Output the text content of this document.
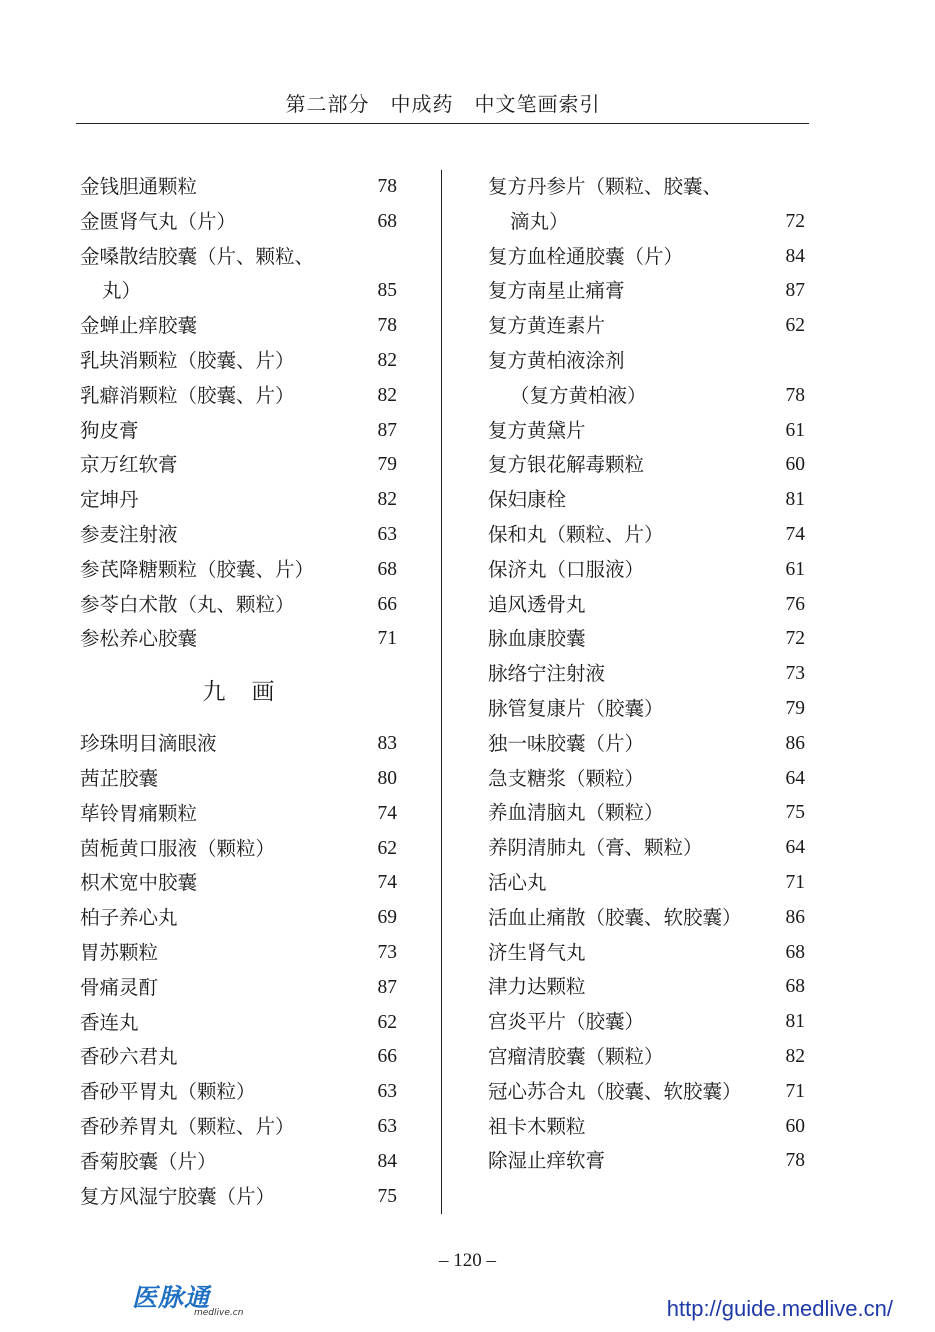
第二部分　中成药　中文笔画索引
金钱胆通颗粒	78
金匮肾气丸（片）	68
金嗓散结胶囊（片、颗粒、
丸）	85
金蝉止痒胶囊	78
乳块消颗粒（胶囊、片）	82
乳癖消颗粒（胶囊、片）	82
狗皮膏	87
京万红软膏	79
定坤丹	82
参麦注射液	63
参芪降糖颗粒（胶囊、片）	68
参苓白术散（丸、颗粒）	66
参松养心胶囊	71
九画
珍珠明目滴眼液	83
茜芷胶囊	80
荜铃胃痛颗粒	74
茵栀黄口服液（颗粒）	62
枳术宽中胶囊	74
柏子养心丸	69
胃苏颗粒	73
骨痛灵酊	87
香连丸	62
香砂六君丸	66
香砂平胃丸（颗粒）	63
香砂养胃丸（颗粒、片）	63
香菊胶囊（片）	84
复方风湿宁胶囊（片）	75
复方丹参片（颗粒、胶囊、
滴丸）	72
复方血栓通胶囊（片）	84
复方南星止痛膏	87
复方黄连素片	62
复方黄柏液涂剂
（复方黄柏液）	78
复方黄黛片	61
复方银花解毒颗粒	60
保妇康栓	81
保和丸（颗粒、片）	74
保济丸（口服液）	61
追风透骨丸	76
脉血康胶囊	72
脉络宁注射液	73
脉管复康片（胶囊）	79
独一味胶囊（片）	86
急支糖浆（颗粒）	64
养血清脑丸（颗粒）	75
养阴清肺丸（膏、颗粒）	64
活心丸	71
活血止痛散（胶囊、软胶囊） 86
济生肾气丸	68
津力达颗粒	68
宫炎平片（胶囊）	81
宫瘤清胶囊（颗粒）	82
冠心苏合丸（胶囊、软胶囊） 71
祖卡木颗粒	60
除湿止痒软膏	78
– 120 –
医脉通
medlive.cn	http://guide.medlive.cn/
